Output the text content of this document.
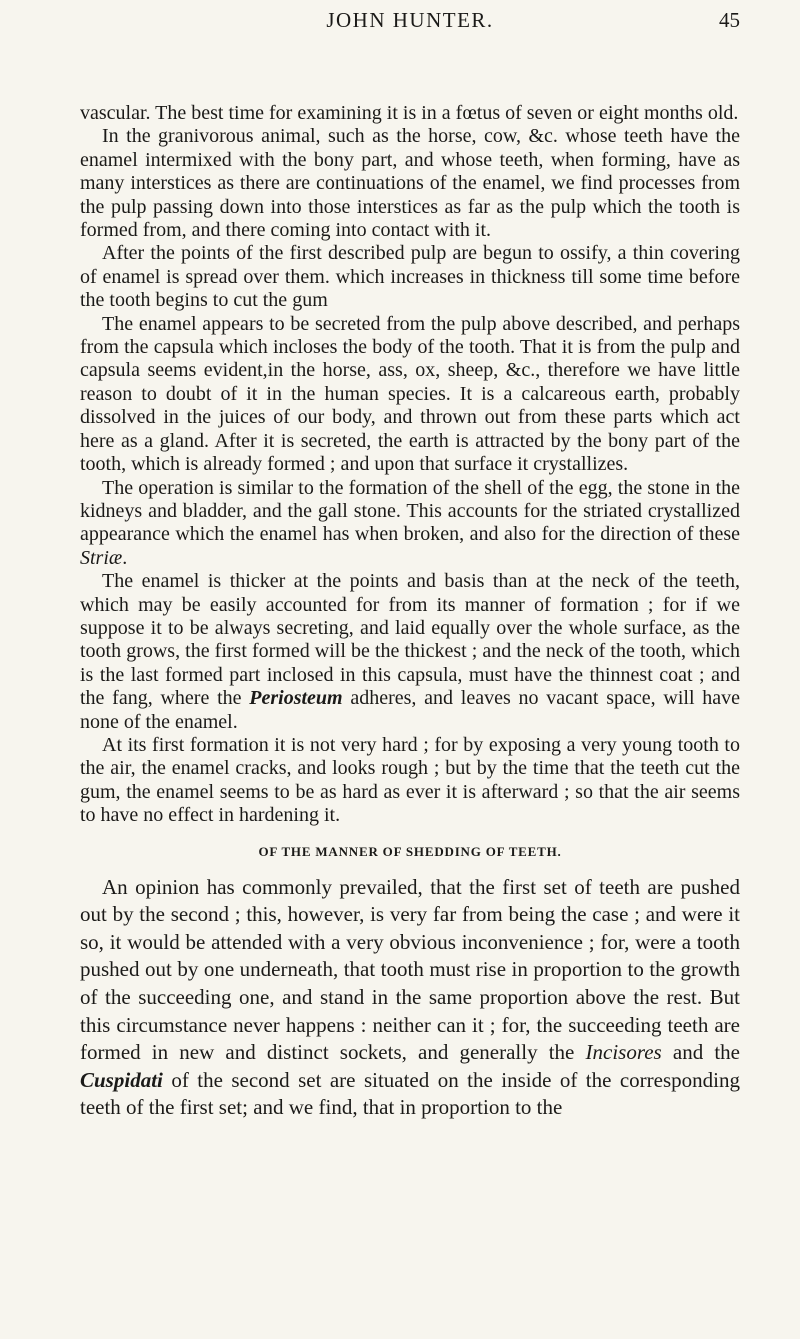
JOHN HUNTER.	45

vascular. The best time for examining it is in a fœtus of seven or eight months old.

In the granivorous animal, such as the horse, cow, &c. whose teeth have the enamel intermixed with the bony part, and whose teeth, when forming, have as many interstices as there are continuations of the enamel, we find processes from the pulp passing down into those interstices as far as the pulp which the tooth is formed from, and there coming into contact with it.

After the points of the first described pulp are begun to ossify, a thin covering of enamel is spread over them. which increases in thickness till some time before the tooth begins to cut the gum

The enamel appears to be secreted from the pulp above described, and perhaps from the capsula which incloses the body of the tooth. That it is from the pulp and capsula seems evident,in the horse, ass, ox, sheep, &c., therefore we have little reason to doubt of it in the human species. It is a calcareous earth, probably dissolved in the juices of our body, and thrown out from these parts which act here as a gland. After it is secreted, the earth is attracted by the bony part of the tooth, which is already formed ; and upon that surface it crystallizes.

The operation is similar to the formation of the shell of the egg, the stone in the kidneys and bladder, and the gall stone. This accounts for the striated crystallized appearance which the enamel has when broken, and also for the direction of these Striæ.

The enamel is thicker at the points and basis than at the neck of the teeth, which may be easily accounted for from its manner of formation ; for if we suppose it to be always secreting, and laid equally over the whole surface, as the tooth grows, the first formed will be the thickest ; and the neck of the tooth, which is the last formed part inclosed in this capsula, must have the thinnest coat ; and the fang, where the Periosteum adheres, and leaves no vacant space, will have none of the enamel.

At its first formation it is not very hard ; for by exposing a very young tooth to the air, the enamel cracks, and looks rough ; but by the time that the teeth cut the gum, the enamel seems to be as hard as ever it is afterward ; so that the air seems to have no effect in hardening it.

OF THE MANNER OF SHEDDING OF TEETH.

An opinion has commonly prevailed, that the first set of teeth are pushed out by the second ; this, however, is very far from being the case ; and were it so, it would be attended with a very obvious inconvenience ; for, were a tooth pushed out by one underneath, that tooth must rise in proportion to the growth of the succeeding one, and stand in the same proportion above the rest. But this circumstance never happens : neither can it ; for, the succeeding teeth are formed in new and distinct sockets, and generally the Incisores and the Cuspidati of the second set are situated on the inside of the corresponding teeth of the first set; and we find, that in proportion to the
